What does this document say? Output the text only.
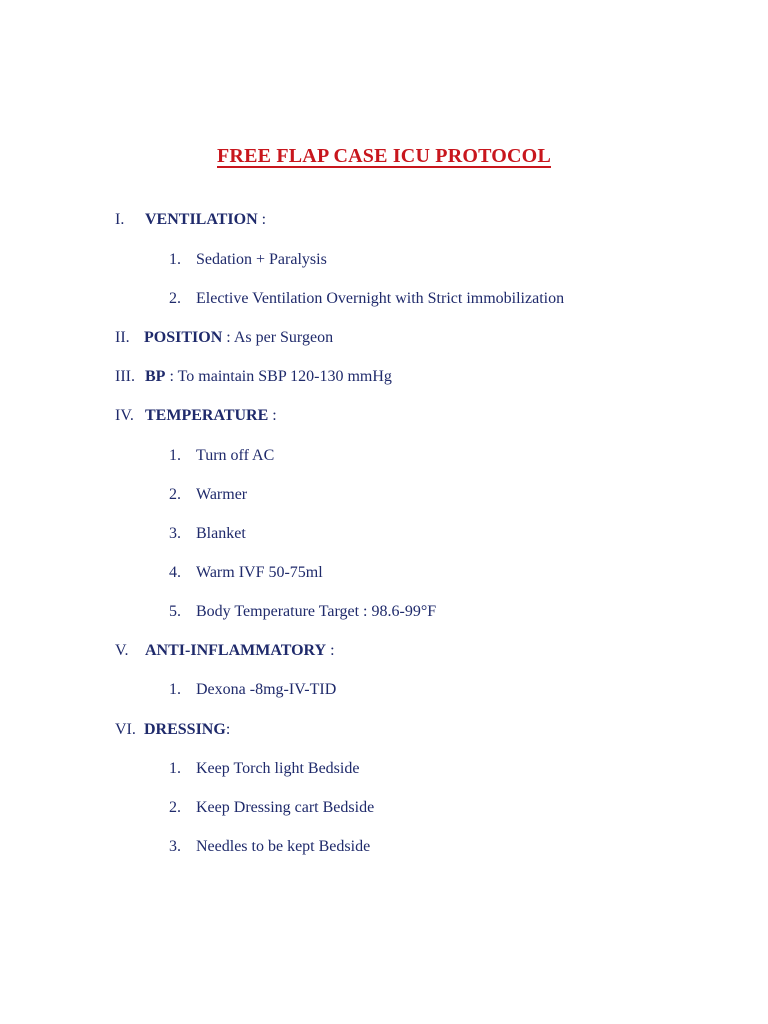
FREE FLAP CASE ICU PROTOCOL
I. VENTILATION :
1. Sedation + Paralysis
2. Elective Ventilation Overnight with Strict immobilization
II. POSITION : As per Surgeon
III. BP : To maintain SBP 120-130 mmHg
IV. TEMPERATURE :
1. Turn off AC
2. Warmer
3. Blanket
4. Warm IVF 50-75ml
5. Body Temperature Target : 98.6-99°F
V. ANTI-INFLAMMATORY :
1. Dexona -8mg-IV-TID
VI. DRESSING:
1. Keep Torch light Bedside
2. Keep Dressing cart Bedside
3. Needles to be kept Bedside
